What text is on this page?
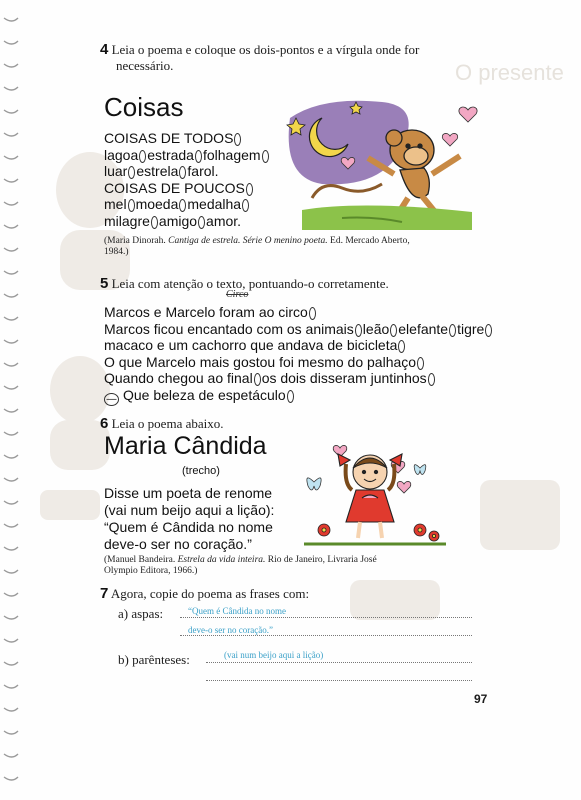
O presente
4 Leia o poema e coloque os dois-pontos e a vírgula onde for
necessário.
Coisas
COISAS DE TODOS
lagoa estrada folhagem
luar estrela farol.
COISAS DE POUCOS
mel moeda medalha
milagre amigo amor.
(Maria Dinorah. Cantiga de estrela. Série O menino poeta. Ed. Mercado Aberto,
1984.)
5 Leia com atenção o texto, pontuando-o corretamente.
Circo
Marcos e Marcelo foram ao circo
Marcos ficou encantado com os animais leão elefante tigre
macaco e um cachorro que andava de bicicleta
O que Marcelo mais gostou foi mesmo do palhaço
Quando chegou ao final os dois disseram juntinhos
— Que beleza de espetáculo
6 Leia o poema abaixo.
Maria Cândida
(trecho)
Disse um poeta de renome
(vai num beijo aqui a lição):
“Quem é Cândida no nome
deve-o ser no coração.”
(Manuel Bandeira. Estrela da vida inteira. Rio de Janeiro, Livraria José
Olympio Editora, 1966.)
7 Agora, copie do poema as frases com:
a) aspas:	“Quem é Cândida no nome
deve-o ser no coração.”
b) parênteses:	(vai num beijo aqui a lição)
97
